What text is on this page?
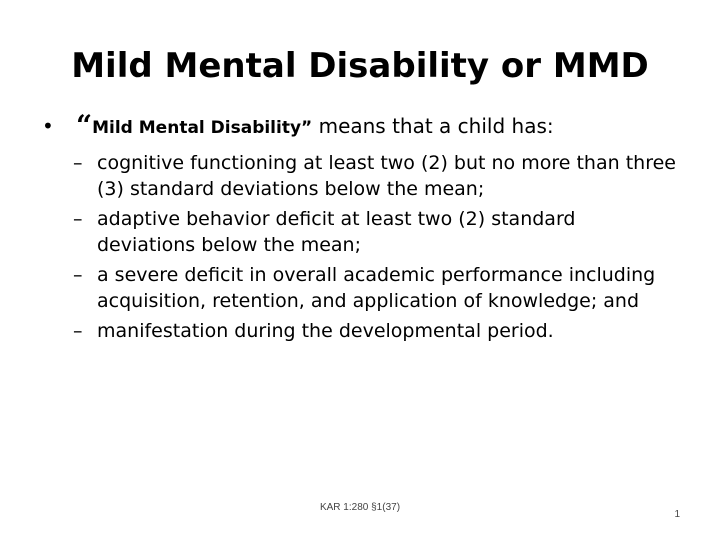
Mild Mental Disability or MMD
• “Mild Mental Disability” means that a child has:
– cognitive functioning at least two (2) but no more than three (3) standard deviations below the mean;
– adaptive behavior deficit at least two (2) standard deviations below the mean;
– a severe deficit in overall academic performance including acquisition, retention, and application of knowledge; and
– manifestation during the developmental period.
KAR 1:280 §1(37)
1
